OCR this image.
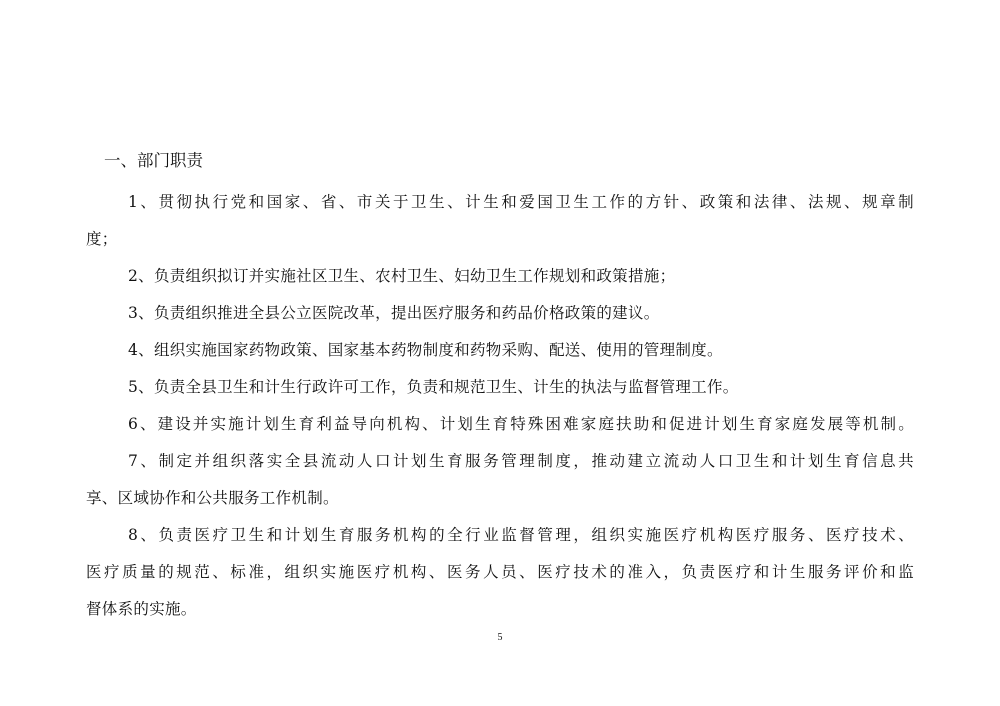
一、部门职责
1、贯彻执行党和国家、省、市关于卫生、计生和爱国卫生工作的方针、政策和法律、法规、规章制
度；
2、负责组织拟订并实施社区卫生、农村卫生、妇幼卫生工作规划和政策措施；
3、负责组织推进全县公立医院改革，提出医疗服务和药品价格政策的建议。
4、组织实施国家药物政策、国家基本药物制度和药物采购、配送、使用的管理制度。
5、负责全县卫生和计生行政许可工作，负责和规范卫生、计生的执法与监督管理工作。
6、建设并实施计划生育利益导向机构、计划生育特殊困难家庭扶助和促进计划生育家庭发展等机制。
7、制定并组织落实全县流动人口计划生育服务管理制度，推动建立流动人口卫生和计划生育信息共
享、区域协作和公共服务工作机制。
8、负责医疗卫生和计划生育服务机构的全行业监督管理，组织实施医疗机构医疗服务、医疗技术、
医疗质量的规范、标准，组织实施医疗机构、医务人员、医疗技术的准入，负责医疗和计生服务评价和监
督体系的实施。
5
